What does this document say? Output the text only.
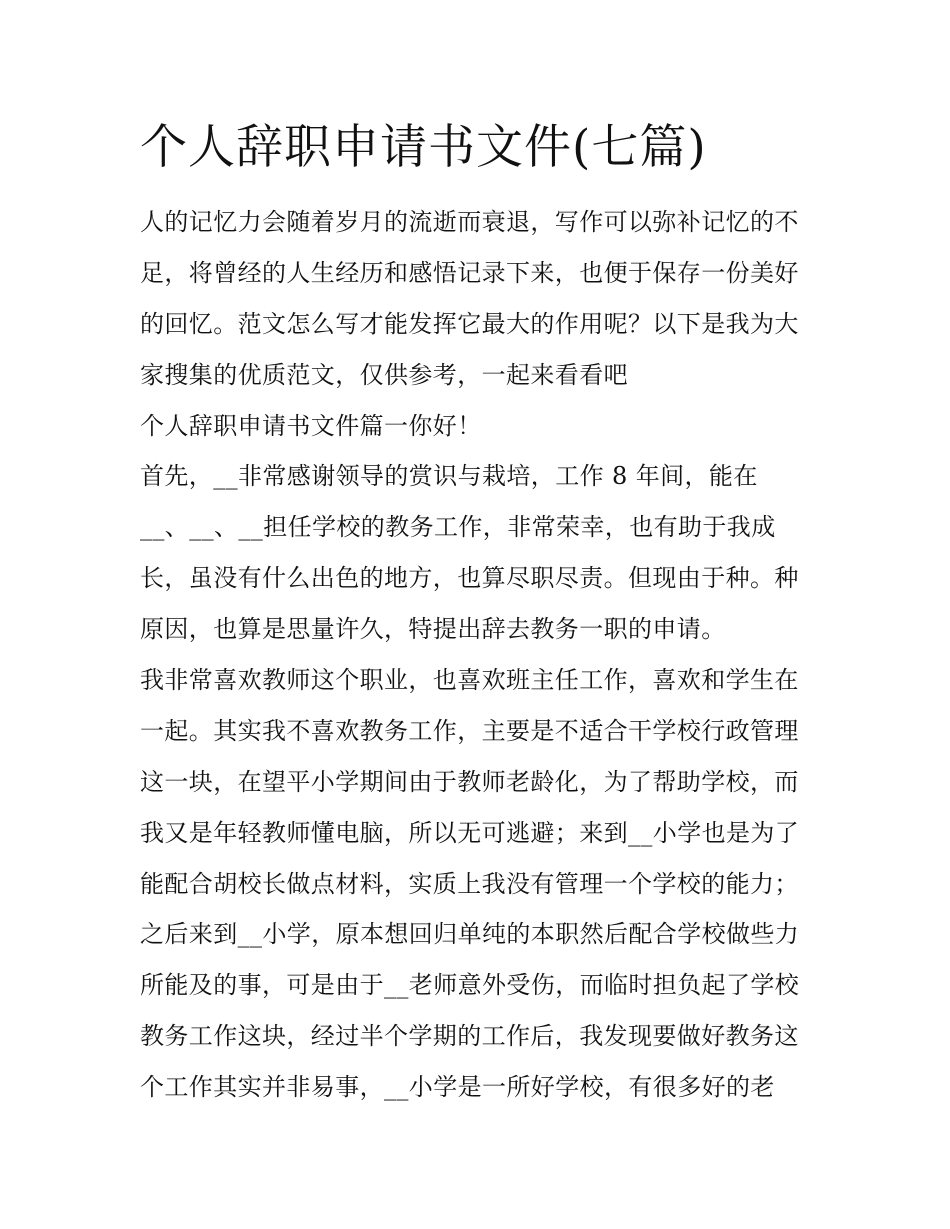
个人辞职申请书文件(七篇)
人的记忆力会随着岁月的流逝而衰退，写作可以弥补记忆的不
足，将曾经的人生经历和感悟记录下来，也便于保存一份美好
的回忆。范文怎么写才能发挥它最大的作用呢？以下是我为大
家搜集的优质范文，仅供参考，一起来看看吧
个人辞职申请书文件篇一你好！
首先，__非常感谢领导的赏识与栽培，工作 8 年间，能在
__、__、__担任学校的教务工作，非常荣幸，也有助于我成
长，虽没有什么出色的地方，也算尽职尽责。但现由于种。种
原因，也算是思量许久，特提出辞去教务一职的申请。
我非常喜欢教师这个职业，也喜欢班主任工作，喜欢和学生在
一起。其实我不喜欢教务工作，主要是不适合干学校行政管理
这一块，在望平小学期间由于教师老龄化，为了帮助学校，而
我又是年轻教师懂电脑，所以无可逃避；来到__小学也是为了
能配合胡校长做点材料，实质上我没有管理一个学校的能力；
之后来到__小学，原本想回归单纯的本职然后配合学校做些力
所能及的事，可是由于__老师意外受伤，而临时担负起了学校
教务工作这块，经过半个学期的工作后，我发现要做好教务这
个工作其实并非易事，__小学是一所好学校，有很多好的老
